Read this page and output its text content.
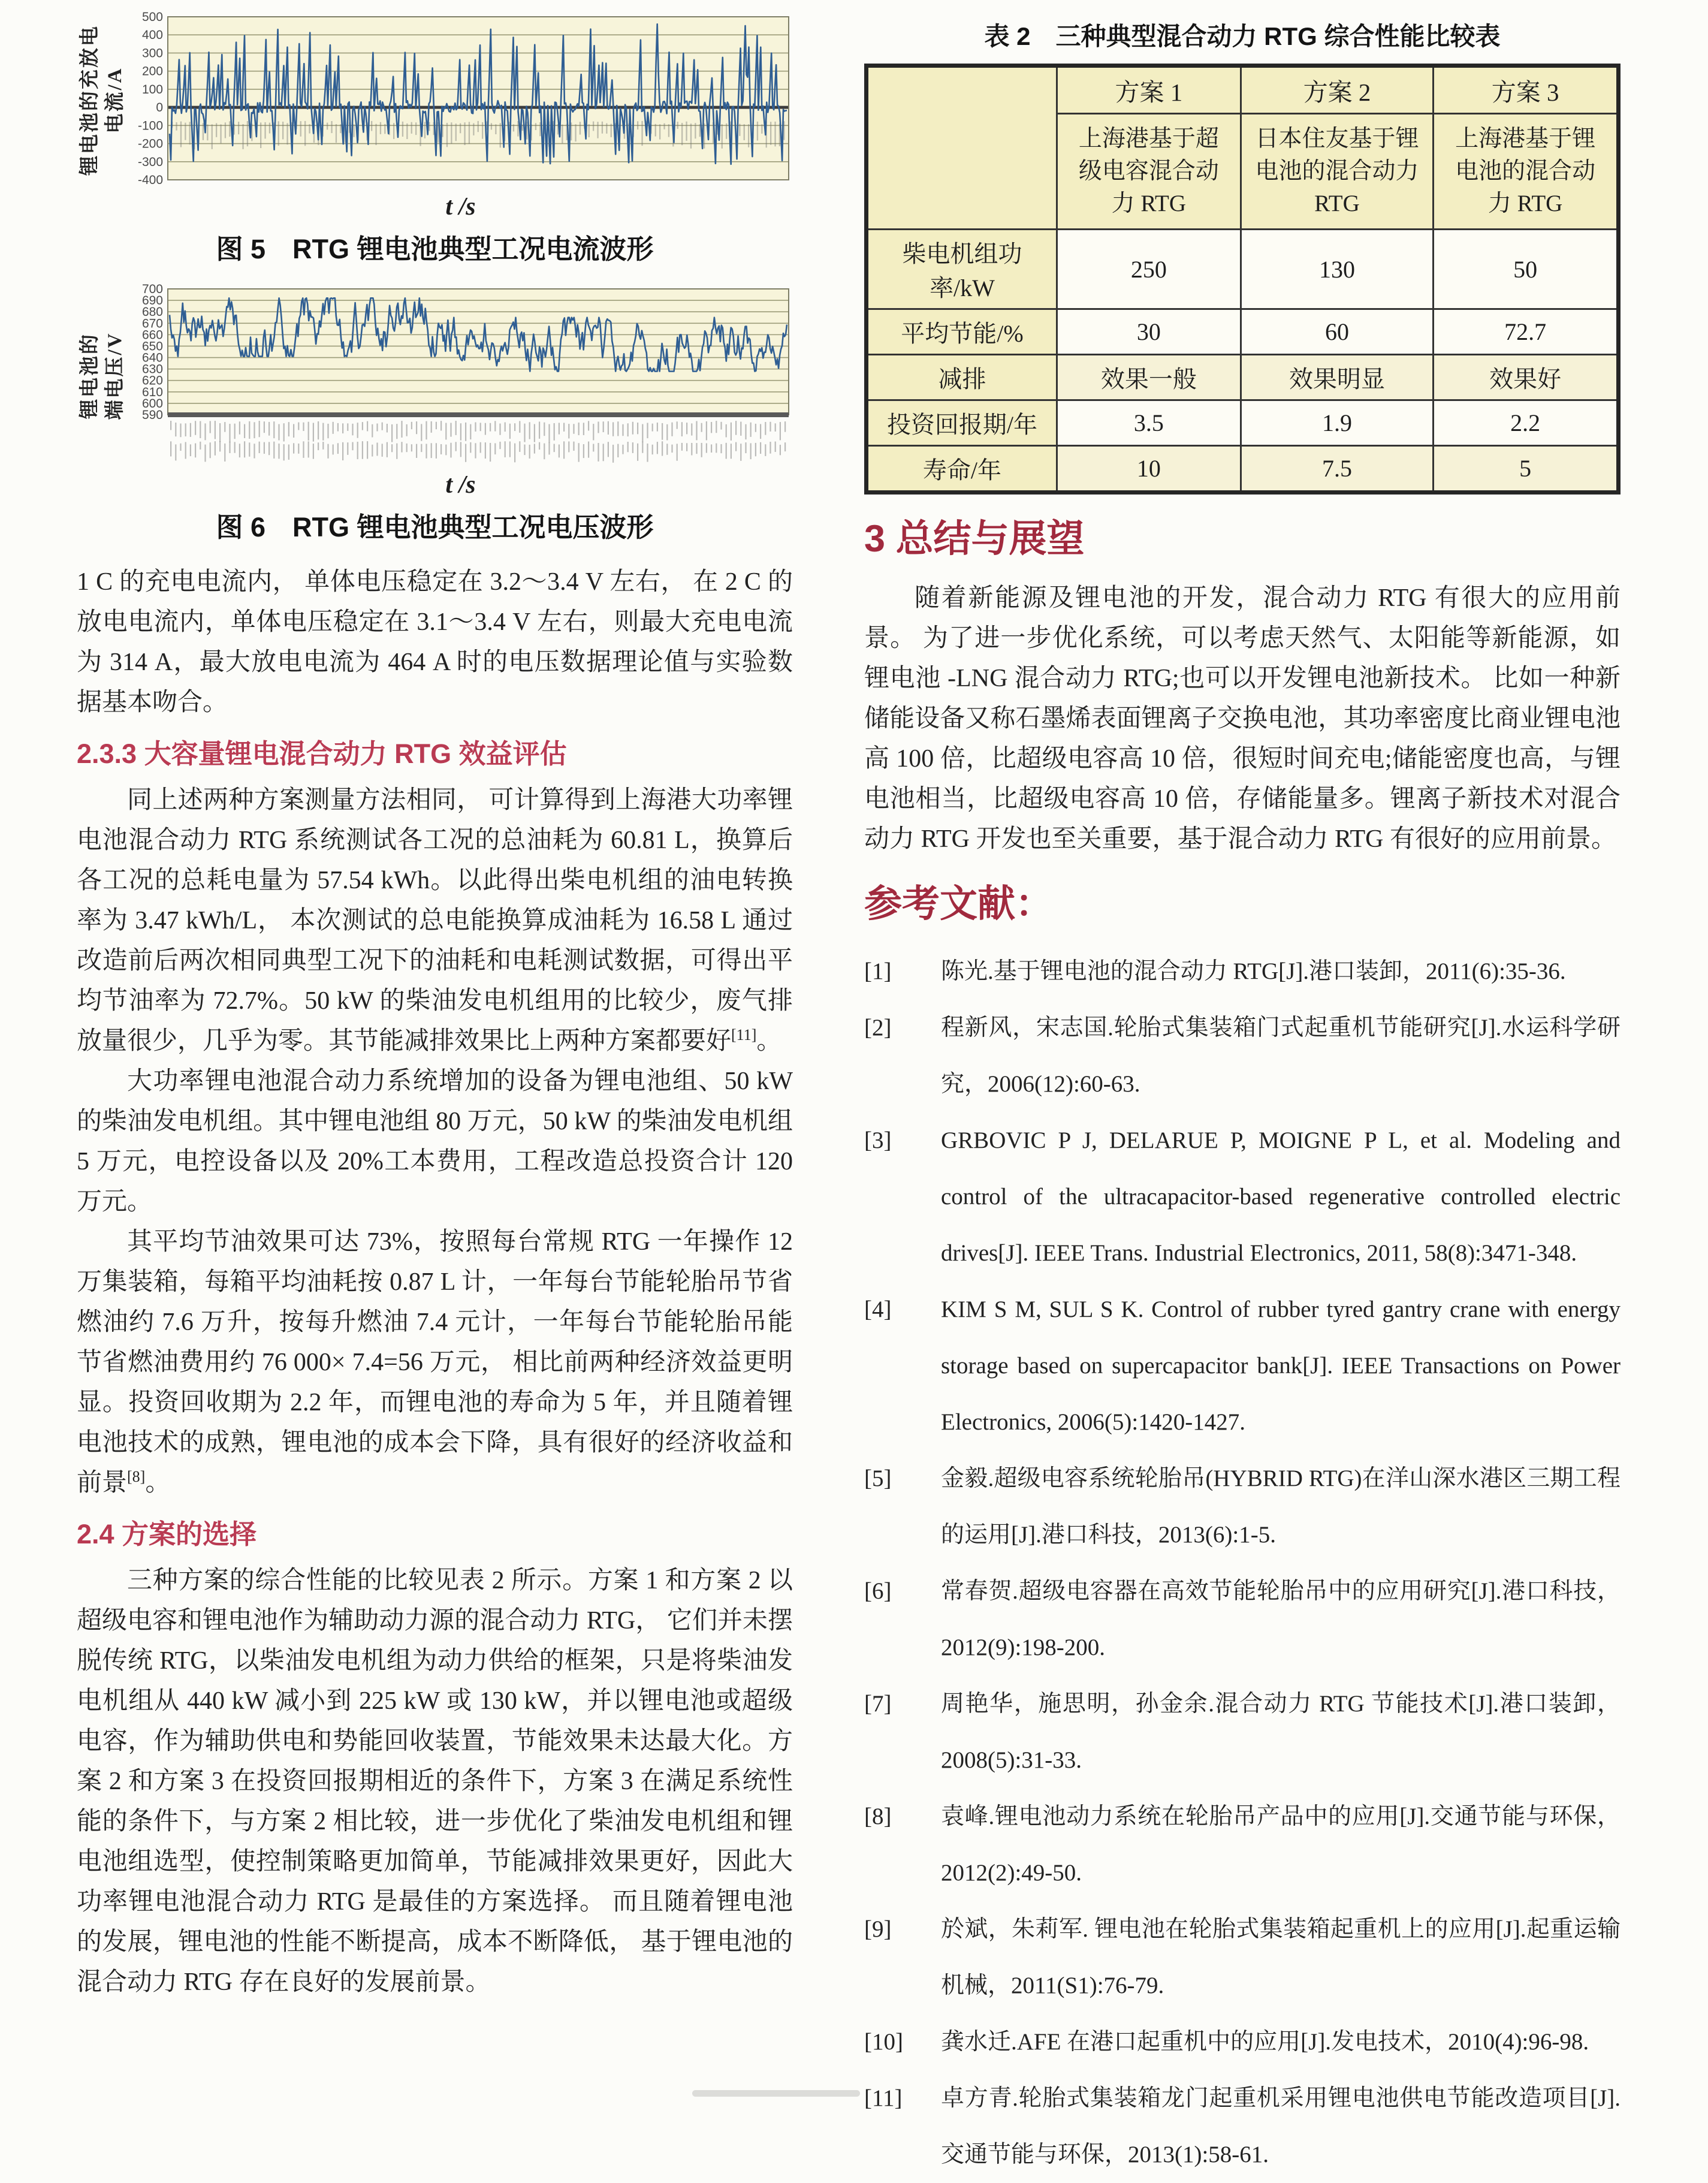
锂电池的充放电 电流/A
500
400
300
200
100
0
-100
-200
-300
-400
t /s
图 5　RTG 锂电池典型工况电流波形
锂电池的 端电压/V
700
690
680
670
660
650
640
630
620
610
600
590
t /s
图 6　RTG 锂电池典型工况电压波形

1 C 的充电电流内， 单体电压稳定在 3.2～3.4 V 左右， 在 2 C 的放电电流内，单体电压稳定在 3.1～3.4 V 左右，则最大充电电流为 314 A，最大放电电流为 464 A 时的电压数据理论值与实验数据基本吻合。

2.3.3 大容量锂电混合动力 RTG 效益评估

同上述两种方案测量方法相同， 可计算得到上海港大功率锂电池混合动力 RTG 系统测试各工况的总油耗为 60.81 L，换算后各工况的总耗电量为 57.54 kWh。以此得出柴电机组的油电转换率为 3.47 kWh/L， 本次测试的总电能换算成油耗为 16.58 L 通过改造前后两次相同典型工况下的油耗和电耗测试数据，可得出平均节油率为 72.7%。50 kW 的柴油发电机组用的比较少，废气排放量很少，几乎为零。其节能减排效果比上两种方案都要好[11]。

大功率锂电池混合动力系统增加的设备为锂电池组、50 kW 的柴油发电机组。其中锂电池组 80 万元，50 kW 的柴油发电机组 5 万元，电控设备以及 20%工本费用，工程改造总投资合计 120 万元。

其平均节油效果可达 73%，按照每台常规 RTG 一年操作 12 万集装箱，每箱平均油耗按 0.87 L 计，一年每台节能轮胎吊节省燃油约 7.6 万升，按每升燃油 7.4 元计，一年每台节能轮胎吊能节省燃油费用约 76 000× 7.4=56 万元， 相比前两种经济效益更明显。投资回收期为 2.2 年，而锂电池的寿命为 5 年，并且随着锂电池技术的成熟，锂电池的成本会下降，具有很好的经济收益和前景[8]。

2.4 方案的选择

三种方案的综合性能的比较见表 2 所示。方案 1 和方案 2 以超级电容和锂电池作为辅助动力源的混合动力 RTG， 它们并未摆脱传统 RTG，以柴油发电机组为动力供给的框架，只是将柴油发电机组从 440 kW 减小到 225 kW 或 130 kW，并以锂电池或超级电容，作为辅助供电和势能回收装置，节能效果未达最大化。方案 2 和方案 3 在投资回报期相近的条件下，方案 3 在满足系统性能的条件下，与方案 2 相比较，进一步优化了柴油发电机组和锂电池组选型，使控制策略更加简单，节能减排效果更好，因此大功率锂电池混合动力 RTG 是最佳的方案选择。 而且随着锂电池的发展，锂电池的性能不断提高，成本不断降低， 基于锂电池的混合动力 RTG 存在良好的发展前景。

表 2　三种典型混合动力 RTG 综合性能比较表
	方案 1	方案 2	方案 3
	上海港基于超级电容混合动力 RTG	日本住友基于锂电池的混合动力 RTG	上海港基于锂电池的混合动力 RTG
柴电机组功率/kW	250	130	50
平均节能/%	30	60	72.7
减排	效果一般	效果明显	效果好
投资回报期/年	3.5	1.9	2.2
寿命/年	10	7.5	5
3 总结与展望

随着新能源及锂电池的开发，混合动力 RTG 有很大的应用前景。 为了进一步优化系统，可以考虑天然气、太阳能等新能源，如锂电池 -LNG 混合动力 RTG;也可以开发锂电池新技术。 比如一种新储能设备又称石墨烯表面锂离子交换电池，其功率密度比商业锂电池高 100 倍，比超级电容高 10 倍，很短时间充电;储能密度也高，与锂电池相当，比超级电容高 10 倍，存储能量多。锂离子新技术对混合动力 RTG 开发也至关重要，基于混合动力 RTG 有很好的应用前景。

参考文献：
[1] 陈光.基于锂电池的混合动力 RTG[J].港口装卸，2011(6):35-36.
[2] 程新风，宋志国.轮胎式集装箱门式起重机节能研究[J].水运科学研究，2006(12):60-63.
[3] GRBOVIC P J, DELARUE P, MOIGNE P L, et al. Modeling and control of the ultracapacitor-based regenerative controlled electric drives[J]. IEEE Trans. Industrial Electronics, 2011, 58(8):3471-348.
[4] KIM S M, SUL S K. Control of rubber tyred gantry crane with energy storage based on supercapacitor bank[J]. IEEE Transactions on Power Electronics, 2006(5):1420-1427.
[5] 金毅.超级电容系统轮胎吊(HYBRID RTG)在洋山深水港区三期工程的运用[J].港口科技，2013(6):1-5.
[6] 常春贺.超级电容器在高效节能轮胎吊中的应用研究[J].港口科技，2012(9):198-200.
[7] 周艳华，施思明，孙金余.混合动力 RTG 节能技术[J].港口装卸，2008(5):31-33.
[8] 袁峰.锂电池动力系统在轮胎吊产品中的应用[J].交通节能与环保，2012(2):49-50.
[9] 於斌，朱莉军. 锂电池在轮胎式集装箱起重机上的应用[J].起重运输机械，2011(S1):76-79.
[10] 龚水迁.AFE 在港口起重机中的应用[J].发电技术，2010(4):96-98.
[11] 卓方青.轮胎式集装箱龙门起重机采用锂电池供电节能改造项目[J].交通节能与环保，2013(1):58-61.
